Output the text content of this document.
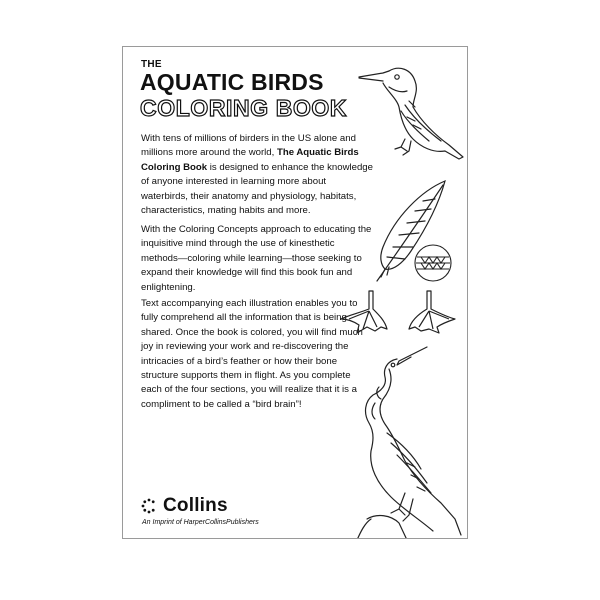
THE
AQUATIC BIRDS
COLORING BOOK
With tens of millions of birders in the US alone and millions more around the world, The Aquatic Birds Coloring Book is designed to enhance the knowledge of anyone interested in learning more about waterbirds, their anatomy and physiology, habitats, characteristics, mating habits and more.
With the Coloring Concepts approach to educating the inquisitive mind through the use of kinesthetic methods—coloring while learning—those seeking to expand their knowledge will find this book fun and enlightening.
Text accompanying each illustration enables you to fully comprehend all the information that is being shared. Once the book is colored, you will find much joy in reviewing your work and re-discovering the intricacies of a bird’s feather or how their bone structure supports them in flight. As you complete each of the four sections, you will realize that it is a compliment to be called a “bird brain”!
Collins
An Imprint of HarperCollinsPublishers
